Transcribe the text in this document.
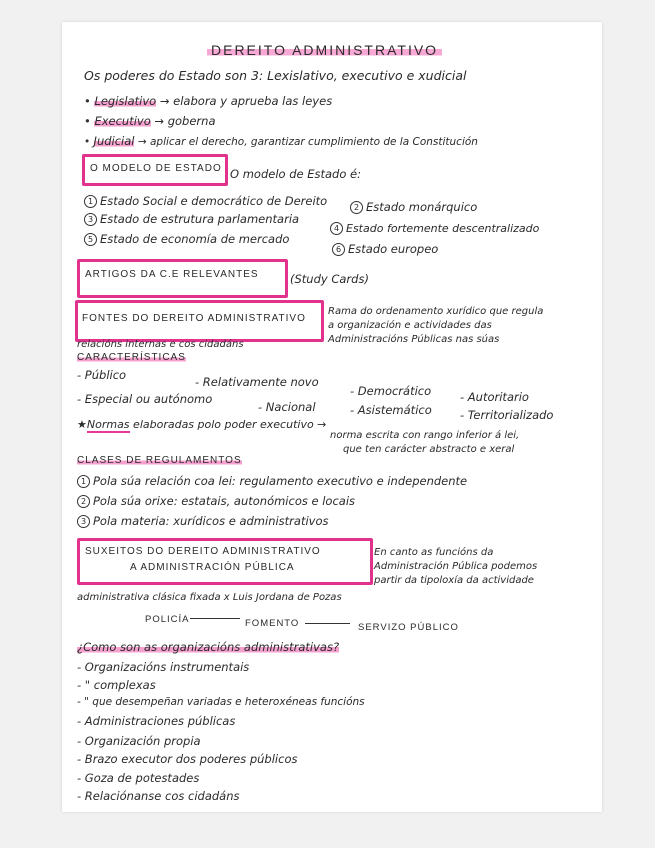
DEREITO ADMINISTRATIVO
Os poderes do Estado son 3: Lexislativo, executivo e xudicial
• Legislativo → elabora y aprueba las leyes
• Executivo → goberna
• Judicial → aplicar el derecho, garantizar cumplimiento de la Constitución
O MODELO DE ESTADO O modelo de Estado é:
1 Estado Social e democrático de Dereito	2 Estado monárquico
3 Estado de estrutura parlamentaria
4 Estado fortemente descentralizado
5 Estado de economía de mercado
6 Estado europeo
ARTIGOS DA C.E RELEVANTES	(Study Cards)
FONTES DO DEREITO ADMINISTRATIVO
Rama do ordenamento xurídico que regula
a organización e actividades das
Administracións Públicas nas súas
relacións internas e cos cidadáns
CARACTERÍSTICAS
- Público	- Relativamente novo
- Democrático	- Autoritario
- Especial ou autónomo
- Nacional	- Asistemático - Territorializado
★Normas elaboradas polo poder executivo →
norma escrita con rango inferior á lei,
que ten carácter abstracto e xeral
CLASES DE REGULAMENTOS
1 Pola súa relación coa lei: regulamento executivo e independente
2 Pola súa orixe: estatais, autonómicos e locais
3 Pola materia: xurídicos e administrativos
SUXEITOS DO DEREITO ADMINISTRATIVO
A ADMINISTRACIÓN PÚBLICA
En canto as funcións da
Administración Pública podemos
partir da tipoloxía da actividade
administrativa clásica fixada x Luis Jordana de Pozas
POLICÍA	FOMENTO	SERVIZO PÚBLICO
¿Como son as organizacións administrativas?
- Organizacións instrumentais
- " complexas
- " que desempeñan variadas e heteroxéneas funcións
- Administraciones públicas
- Organización propia
- Brazo executor dos poderes públicos
- Goza de potestades
- Relaciónanse cos cidadáns
